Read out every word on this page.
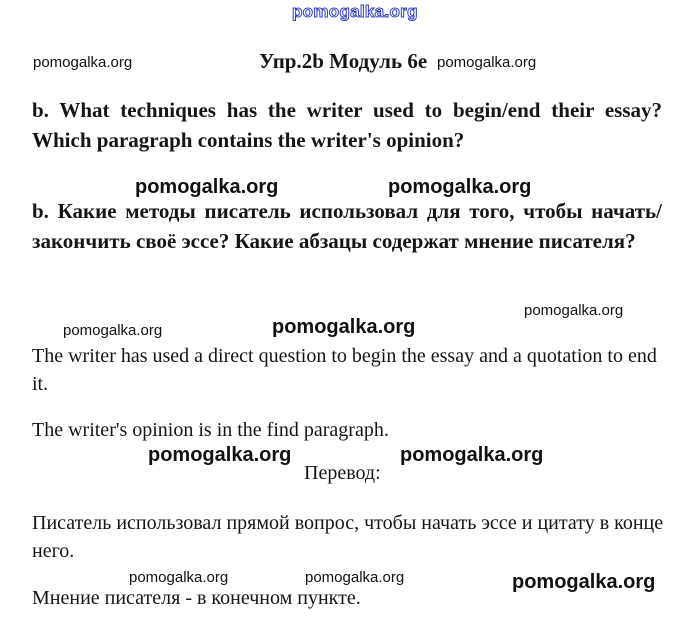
pomogalka.org
pomogalka.org	Упр.2b Модуль 6e pomogalka.org

b. What techniques has the writer used to begin/end their essay? Which paragraph contains the writer's opinion?

pomogalka.org	pomogalka.org

b. Какие методы писатель использовал для того, чтобы начать/закончить своё эссе? Какие абзацы содержат мнение писателя?

pomogalka.org
pomogalka.org	pomogalka.org

The writer has used a direct question to begin the essay and a quotation to end it.

The writer's opinion is in the find paragraph.

pomogalka.org	pomogalka.org
Перевод:

Писатель использовал прямой вопрос, чтобы начать эссе и цитату в конце него.

pomogalka.org	pomogalka.org	pomogalka.org

Мнение писателя - в конечном пункте.
